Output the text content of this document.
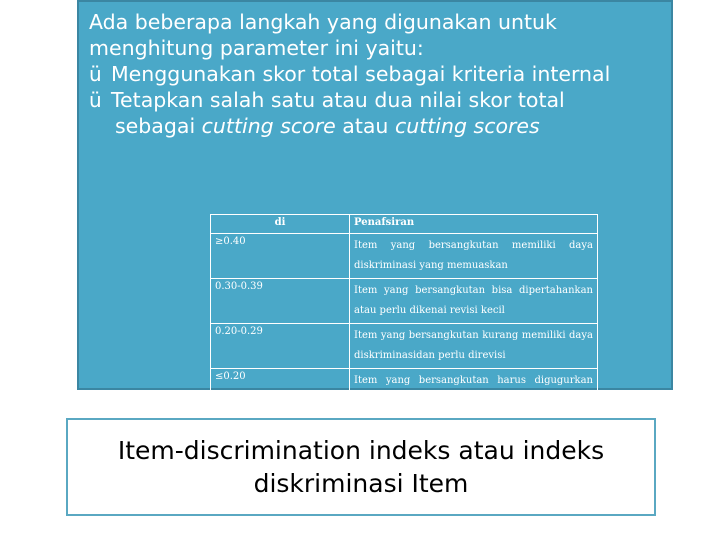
Ada beberapa langkah yang digunakan untuk
menghitung parameter ini yaitu:
ü Menggunakan skor total sebagai kriteria internal
ü Tetapkan salah satu atau dua nilai skor total
sebagai cutting score atau cutting scores
di	Penafsiran
≥0.40	Item yang bersangkutan memiliki daya diskriminasi yang memuaskan
0.30-0.39	Item yang bersangkutan bisa dipertahankan atau perlu dikenai revisi kecil
0.20-0.29	Item yang bersangkutan kurang memiliki daya diskriminasidan perlu direvisi
≤0.20	Item yang bersangkutan harus digugurkan atau direvisi secara total
Item-discrimination indeks atau indeks
diskriminasi Item
